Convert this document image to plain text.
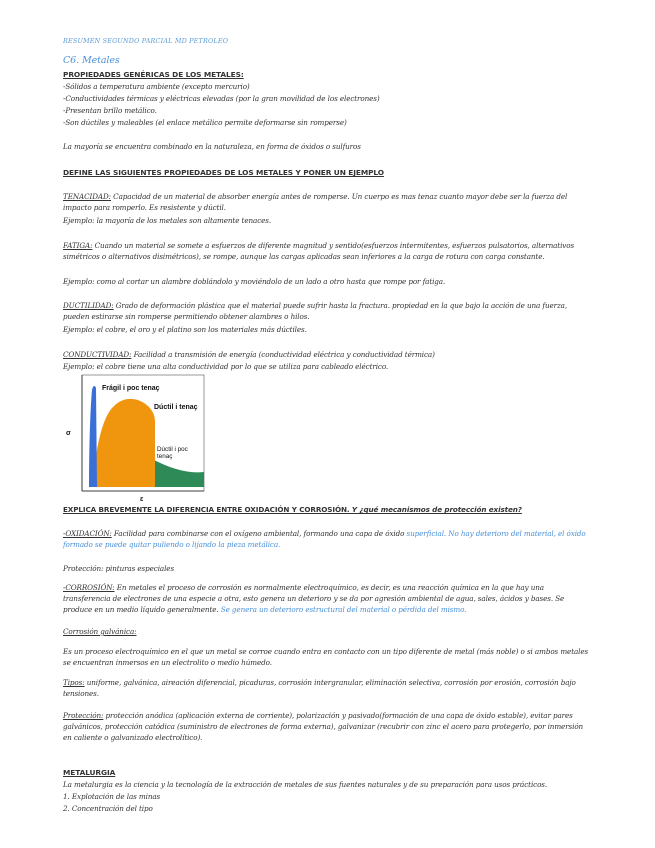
RESUMEN SEGUNDO PARCIAL MD PETROLEO
C6. Metales
PROPIEDADES GENÉRICAS DE LOS METALES:
-Sólidos a temperatura ambiente (excepto mercurio)
-Conductividades térmicas y eléctricas elevadas (por la gran movilidad de los electrones)
-Presentan brillo metálico.
-Son dúctiles y maleables (el enlace metálico permite deformarse sin romperse)
La mayoría se encuentra combinado en la naturaleza, en forma de óxidos o sulfuros
DEFINE LAS SIGUIENTES PROPIEDADES DE LOS METALES Y PONER UN EJEMPLO
TENACIDAD: Capacidad de un material de absorber energía antes de romperse. Un cuerpo es mas tenaz cuanto mayor debe ser la fuerza del impacto para romperlo. Es resistente y dúctil.
Ejemplo: la mayoría de los metales son altamente tenaces.
FATIGA: Cuando un material se somete a esfuerzos de diferente magnitud y sentido(esfuerzos intermitentes, esfuerzos pulsatorios, alternativos simétricos o alternativos disimétricos), se rompe, aunque las cargas aplicadas sean inferiores a la carga de rotura con carga constante.
Ejemplo: como al cortar un alambre doblándolo y moviéndolo de un lado a otro hasta que rompe por fatiga.
DUCTILIDAD: Grado de deformación plástica que el material puede sufrir hasta la fractura. propiedad en la que bajo la acción de una fuerza, pueden estirarse sin romperse permitiendo obtener alambres o hilos.
Ejemplo: el cobre, el oro y el platino son los materiales más dúctiles.
CONDUCTIVIDAD: Facilidad a transmisión de energía (conductividad eléctrica y conductividad térmica)
Ejemplo: el cobre tiene una alta conductividad por lo que se utiliza para cableado eléctrico.
Frágil i poc tenaç
Dúctil i tenaç
Dúctil i poc tenaç
σ
ε
EXPLICA BREVEMENTE LA DIFERENCIA ENTRE OXIDACIÓN Y CORROSIÓN. Y ¿qué mecanismos de protección existen?
-OXIDACIÓN: Facilidad para combinarse con el oxígeno ambiental, formando una capa de óxido superficial. No hay deterioro del material, el óxido formado se puede quitar puliendo o lijando la pieza metálica.
Protección: pinturas especiales
-CORROSIÓN: En metales el proceso de corrosión es normalmente electroquímico, es decir, es una reacción química en la que hay una transferencia de electrones de una especie a otra, esto genera un deterioro y se da por agresión ambiental de agua, sales, ácidos y bases. Se produce en un medio líquido generalmente. Se genera un deterioro estructural del material o pérdida del mismo.
Corrosión galvánica:
Es un proceso electroquímico en el que un metal se corroe cuando entra en contacto con un tipo diferente de metal (más noble) o si ambos metales se encuentran inmersos en un electrolito o medio húmedo.
Tipos: uniforme, galvánica, aireación diferencial, picaduras, corrosión intergranular, eliminación selectiva, corrosión por erosión, corrosión bajo tensiones.
Protección: protección anódica (aplicación externa de corriente), polarización y pasivado(formación de una capa de óxido estable), evitar pares galvánicos, protección catódica (suministro de electrones de forma externa), galvanizar (recubrir con zinc el acero para protegerlo, por inmersión en caliente o galvanizado electrolítico).
METALURGIA
La metalurgia es la ciencia y la tecnología de la extracción de metales de sus fuentes naturales y de su preparación para usos prácticos.
1. Explotación de las minas
2. Concentración del tipo
